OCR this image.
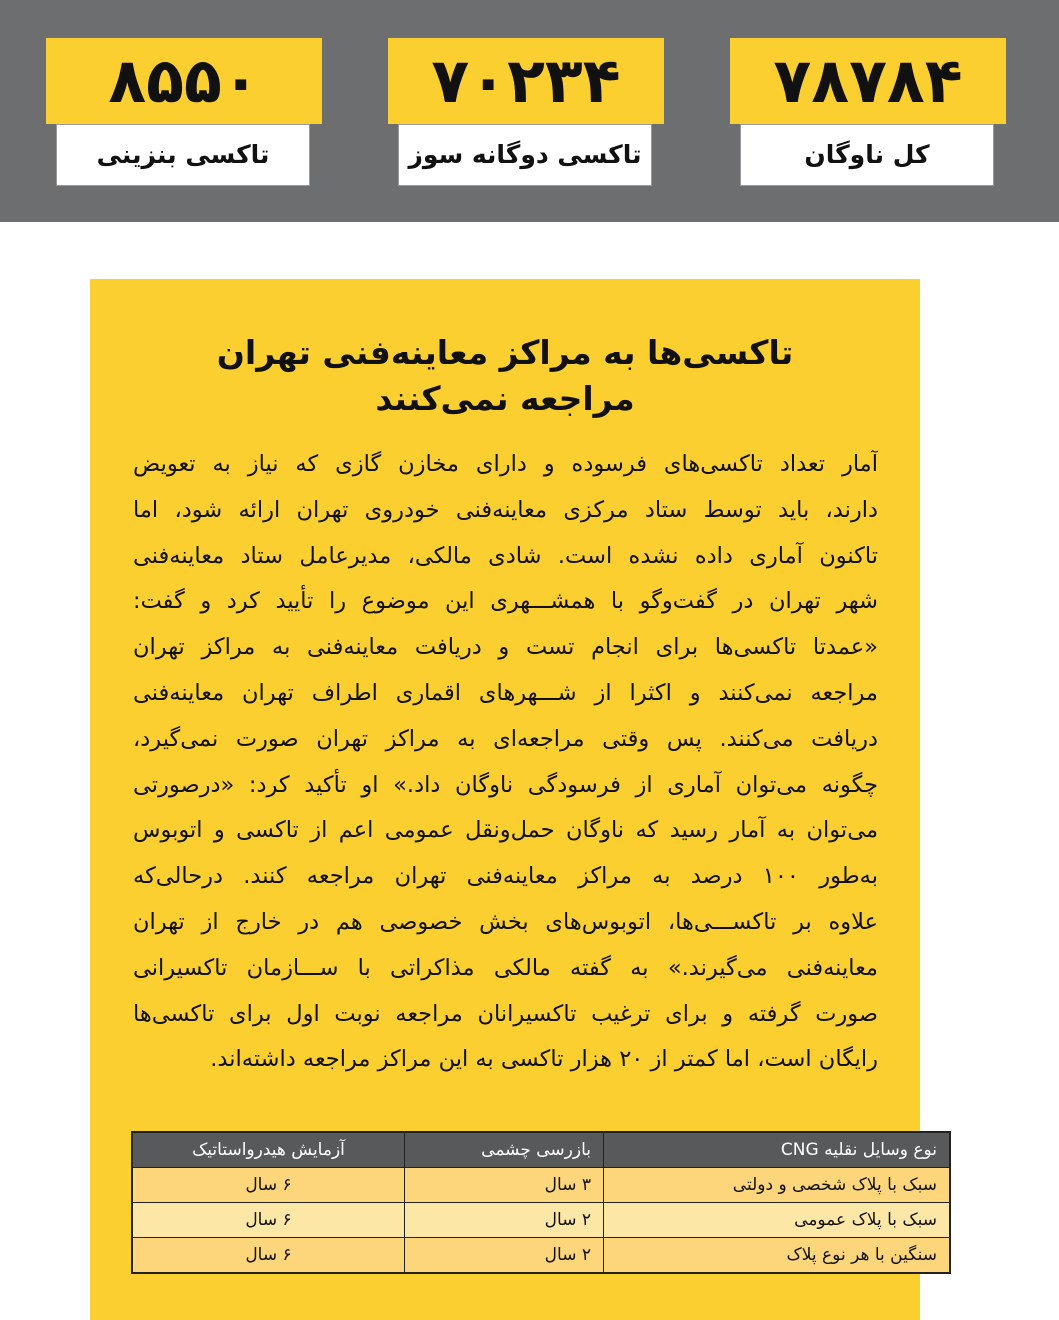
۷۸۷۸۴
کل ناوگان
۷۰۲۳۴
تاکسی دوگانه سوز
۸۵۵۰
تاکسی بنزینی
تاکسی‌ها به مراکز معاینه‌فنی تهران
مراجعه نمی‌کنند
آمار تعداد تاکسی‌های فرسوده و دارای مخازن گازی که نیاز به تعویض
دارند، باید توسط ستاد مرکزی معاینه‌فنی خودروی تهران ارائه شود، اما
تاکنون آماری داده نشده است. شادی مالکی، مدیرعامل ستاد معاینه‌فنی
شهر تهران در گفت‌وگو با همشـــهری این موضوع را تأیید کرد و گفت:
«عمدتا تاکسی‌ها برای انجام تست و دریافت معاینه‌فنی به مراکز تهران
مراجعه نمی‌کنند و اکثرا از شـــهرهای اقماری اطراف تهران معاینه‌فنی
دریافت می‌کنند. پس وقتی مراجعه‌ای به مراکز تهران صورت نمی‌گیرد،
چگونه می‌توان آماری از فرسودگی ناوگان داد.» او تأکید کرد: «درصورتی
می‌توان به آمار رسید که ناوگان حمل‌ونقل عمومی اعم از تاکسی و اتوبوس
به‌طور ۱۰۰ درصد به مراکز معاینه‌فنی تهران مراجعه کنند. درحالی‌که
علاوه بر تاکســـی‌ها، اتوبوس‌های بخش خصوصی هم در خارج از تهران
معاینه‌فنی می‌گیرند.» به گفته مالکی مذاکراتی با ســـازمان تاکسیرانی
صورت گرفته و برای ترغیب تاکسیرانان مراجعه نوبت اول برای تاکسی‌ها
رایگان است، اما کمتر از ۲۰ هزار تاکسی به این مراکز مراجعه داشته‌اند.
نوع وسایل نقلیه CNG	بازرسی چشمی	آزمایش هیدرواستاتیک
سبک با پلاک شخصی و دولتی	۳ سال	۶ سال
سبک با پلاک عمومی	۲ سال	۶ سال
سنگین با هر نوع پلاک	۲ سال	۶ سال
